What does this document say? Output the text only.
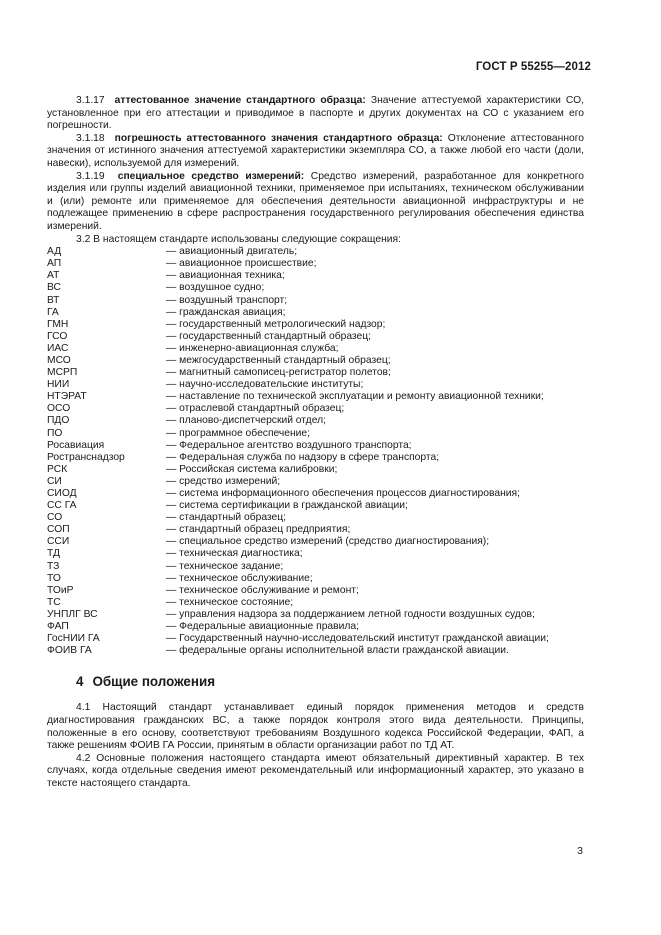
ГОСТ Р 55255—2012

3.1.17 аттестованное значение стандартного образца: Значение аттестуемой характеристики СО, установленное при его аттестации и приводимое в паспорте и других документах на СО с указанием его погрешности.

3.1.18 погрешность аттестованного значения стандартного образца: Отклонение аттестованного значения от истинного значения аттестуемой характеристики экземпляра СО, а также любой его части (доли, навески), используемой для измерений.

3.1.19 специальное средство измерений: Средство измерений, разработанное для конкретного изделия или группы изделий авиационной техники, применяемое при испытаниях, техническом обслуживании и (или) ремонте или применяемое для обеспечения деятельности авиационной инфраструктуры и не подлежащее применению в сфере распространения государственного регулирования обеспечения единства измерений.

3.2 В настоящем стандарте использованы следующие сокращения:

АД	— авиационный двигатель;
АП	— авиационное происшествие;
АТ	— авиационная техника;
ВС	— воздушное судно;
ВТ	— воздушный транспорт;
ГА	— гражданская авиация;
ГМН	— государственный метрологический надзор;
ГСО	— государственный стандартный образец;
ИАС	— инженерно-авиационная служба;
МСО	— межгосударственный стандартный образец;
МСРП	— магнитный самописец-регистратор полетов;
НИИ	— научно-исследовательские институты;
НТЭРАТ	— наставление по технической эксплуатации и ремонту авиационной техники;
ОСО	— отраслевой стандартный образец;
ПДО	— планово-диспетчерский отдел;
ПО	— программное обеспечение;
Росавиация	— Федеральное агентство воздушного транспорта;
Ространснадзор	— Федеральная служба по надзору в сфере транспорта;
РСК	— Российская система калибровки;
СИ	— средство измерений;
СИОД	— система информационного обеспечения процессов диагностирования;
СС ГА	— система сертификации в гражданской авиации;
СО	— стандартный образец;
СОП	— стандартный образец предприятия;
ССИ	— специальное средство измерений (средство диагностирования);
ТД	— техническая диагностика;
ТЗ	— техническое задание;
ТО	— техническое обслуживание;
ТОиР	— техническое обслуживание и ремонт;
ТС	— техническое состояние;
УНПЛГ ВС	— управления надзора за поддержанием летной годности воздушных судов;
ФАП	— Федеральные авиационные правила;
ГосНИИ ГА	— Государственный научно-исследовательский институт гражданской авиации;
ФОИВ ГА	— федеральные органы исполнительной власти гражданской авиации.
4 Общие положения

4.1 Настоящий стандарт устанавливает единый порядок применения методов и средств диагностирования гражданских ВС, а также порядок контроля этого вида деятельности. Принципы, положенные в его основу, соответствуют требованиям Воздушного кодекса Российской Федерации, ФАП, а также решениям ФОИВ ГА России, принятым в области организации работ по ТД АТ.

4.2 Основные положения настоящего стандарта имеют обязательный директивный характер. В тех случаях, когда отдельные сведения имеют рекомендательный или информационный характер, это указано в тексте настоящего стандарта.

3
